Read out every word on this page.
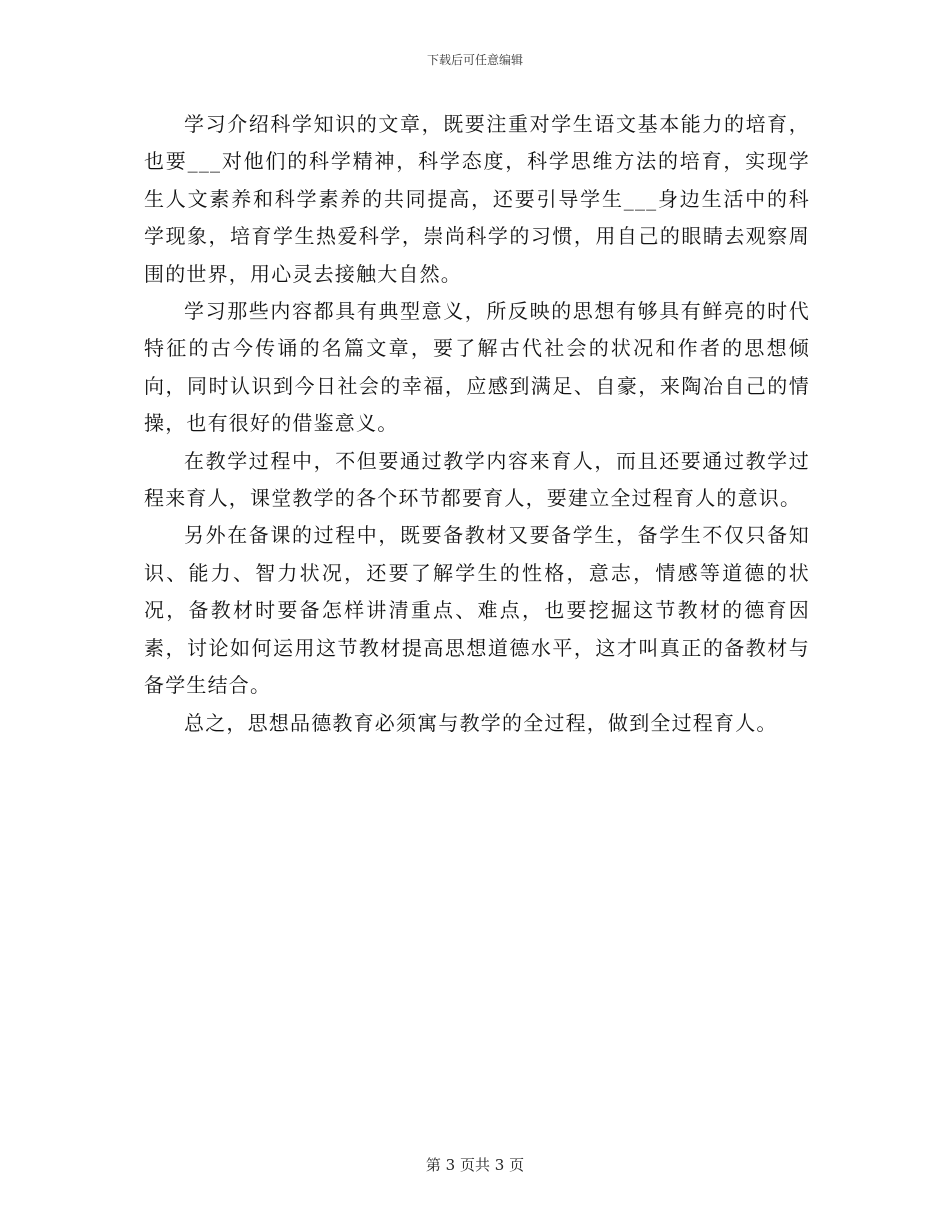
下载后可任意编辑

学习介绍科学知识的文章，既要注重对学生语文基本能力的培育，也要___对他们的科学精神，科学态度，科学思维方法的培育，实现学生人文素养和科学素养的共同提高，还要引导学生___身边生活中的科学现象，培育学生热爱科学，崇尚科学的习惯，用自己的眼睛去观察周围的世界，用心灵去接触大自然。

学习那些内容都具有典型意义，所反映的思想有够具有鲜亮的时代特征的古今传诵的名篇文章，要了解古代社会的状况和作者的思想倾向，同时认识到今日社会的幸福，应感到满足、自豪，来陶冶自己的情操，也有很好的借鉴意义。

在教学过程中，不但要通过教学内容来育人，而且还要通过教学过程来育人，课堂教学的各个环节都要育人，要建立全过程育人的意识。

另外在备课的过程中，既要备教材又要备学生，备学生不仅只备知识、能力、智力状况，还要了解学生的性格，意志，情感等道德的状况，备教材时要备怎样讲清重点、难点，也要挖掘这节教材的德育因素，讨论如何运用这节教材提高思想道德水平，这才叫真正的备教材与备学生结合。

总之，思想品德教育必须寓与教学的全过程，做到全过程育人。

第 3 页共 3 页
